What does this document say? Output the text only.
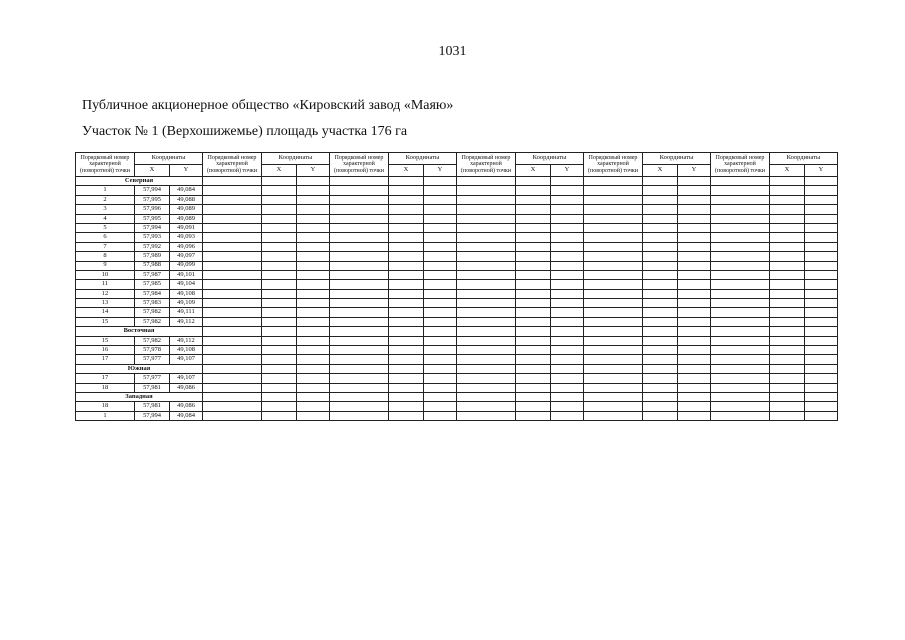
1031
Публичное акционерное общество «Кировский завод «Маяю»
Участок № 1 (Верхошижемье) площадь участка 176 га
Порядковый номер характерной (поворотной) точки	Координаты		Порядковый номер характерной (поворотной) точки	Координаты		Порядковый номер характерной (поворотной) точки	Координаты		Порядковый номер характерной (поворотной) точки	Координаты		Порядковый номер характерной (поворотной) точки	Координаты		Порядковый номер характерной (поворотной) точки	Координаты	
	X	Y		X	Y		X	Y		X	Y		X	Y		X	Y
Северная																	
1	57,994	49,084															
2	57,995	49,088															
3	57,996	49,089															
4	57,995	49,089															
5	57,994	49,091															
6	57,993	49,093															
7	57,992	49,096															
8	57,989	49,097															
9	57,988	49,099															
10	57,987	49,101															
11	57,985	49,104															
12	57,984	49,108															
13	57,983	49,109															
14	57,982	49,111															
15	57,982	49,112															
Восточная																	
15	57,982	49,112															
16	57,978	49,108															
17	57,977	49,107															
Южная																	
17	57,977	49,107															
18	57,981	49,086															
Западная																	
18	57,981	49,086															
1	57,994	49,084															
